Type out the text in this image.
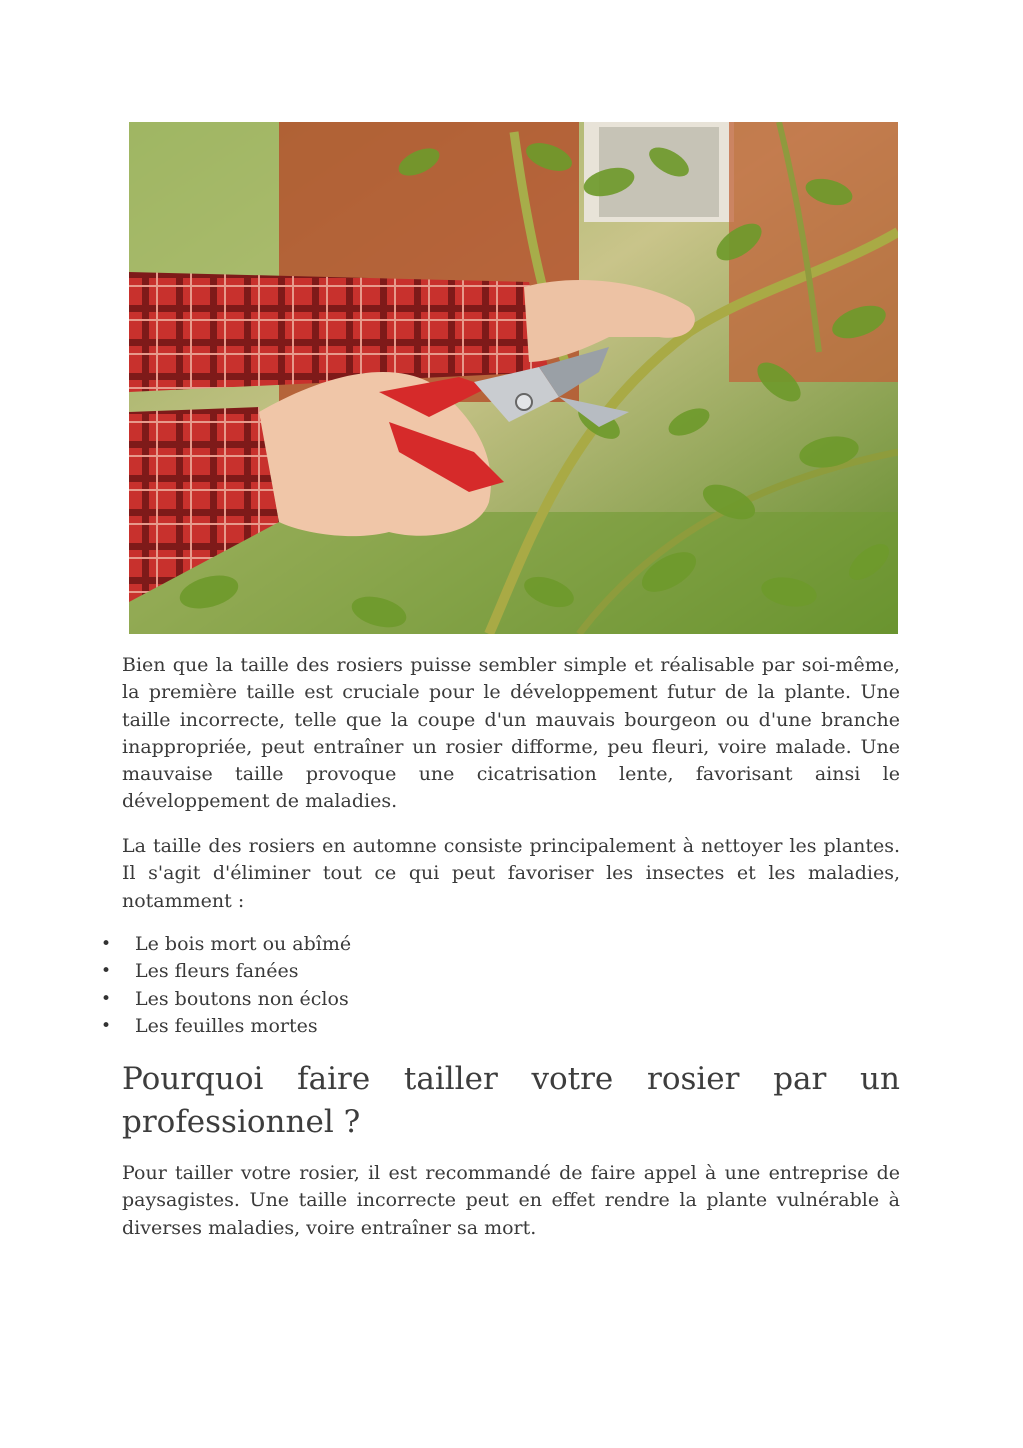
Bien que la taille des rosiers puisse sembler simple et réalisable par soi-même, la première taille est cruciale pour le développement futur de la plante. Une taille incorrecte, telle que la coupe d'un mauvais bourgeon ou d'une branche inappropriée, peut entraîner un rosier difforme, peu fleuri, voire malade. Une mauvaise taille provoque une cicatrisation lente, favorisant ainsi le développement de maladies.

La taille des rosiers en automne consiste principalement à nettoyer les plantes. Il s'agit d'éliminer tout ce qui peut favoriser les insectes et les maladies, notamment :

• Le bois mort ou abîmé
• Les fleurs fanées
• Les boutons non éclos
• Les feuilles mortes
Pourquoi faire tailler votre rosier par un professionnel ?

Pour tailler votre rosier, il est recommandé de faire appel à une entreprise de paysagistes. Une taille incorrecte peut en effet rendre la plante vulnérable à diverses maladies, voire entraîner sa mort.
